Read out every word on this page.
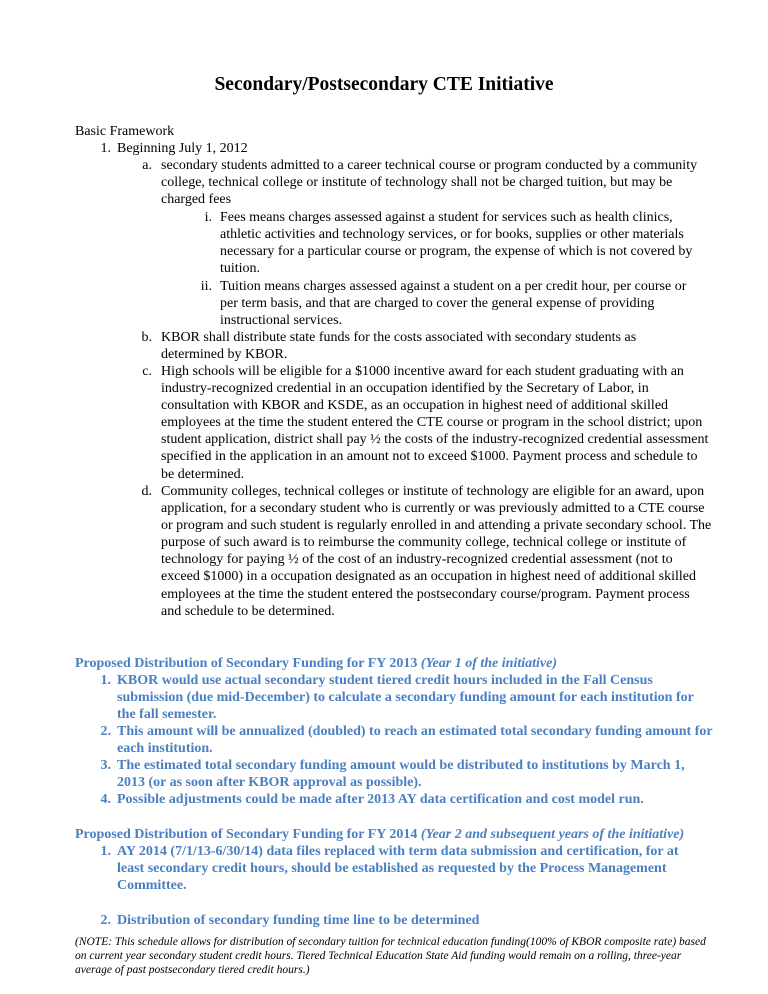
Secondary/Postsecondary CTE Initiative
Basic Framework
1. Beginning July 1, 2012
a. secondary students admitted to a career technical course or program conducted by a community college, technical college or institute of technology shall not be charged tuition, but may be charged fees
i. Fees means charges assessed against a student for services such as health clinics, athletic activities and technology services, or for books, supplies or other materials necessary for a particular course or program, the expense of which is not covered by tuition.
ii. Tuition means charges assessed against a student on a per credit hour, per course or per term basis, and that are charged to cover the general expense of providing instructional services.
b. KBOR shall distribute state funds for the costs associated with secondary students as determined by KBOR.
c. High schools will be eligible for a $1000 incentive award for each student graduating with an industry-recognized credential in an occupation identified by the Secretary of Labor, in consultation with KBOR and KSDE, as an occupation in highest need of additional skilled employees at the time the student entered the CTE course or program in the school district; upon student application, district shall pay ½ the costs of the industry-recognized credential assessment specified in the application in an amount not to exceed $1000. Payment process and schedule to be determined.
d. Community colleges, technical colleges or institute of technology are eligible for an award, upon application, for a secondary student who is currently or was previously admitted to a CTE course or program and such student is regularly enrolled in and attending a private secondary school. The purpose of such award is to reimburse the community college, technical college or institute of technology for paying ½ of the cost of an industry-recognized credential assessment (not to exceed $1000) in a occupation designated as an occupation in highest need of additional skilled employees at the time the student entered the postsecondary course/program. Payment process and schedule to be determined.
Proposed Distribution of Secondary Funding for FY 2013 (Year 1 of the initiative)
1. KBOR would use actual secondary student tiered credit hours included in the Fall Census submission (due mid-December) to calculate a secondary funding amount for each institution for the fall semester.
2. This amount will be annualized (doubled) to reach an estimated total secondary funding amount for each institution.
3. The estimated total secondary funding amount would be distributed to institutions by March 1, 2013 (or as soon after KBOR approval as possible).
4. Possible adjustments could be made after 2013 AY data certification and cost model run.
Proposed Distribution of Secondary Funding for FY 2014 (Year 2 and subsequent years of the initiative)
1. AY 2014 (7/1/13-6/30/14) data files replaced with term data submission and certification, for at least secondary credit hours, should be established as requested by the Process Management Committee.
2. Distribution of secondary funding time line to be determined
(NOTE: This schedule allows for distribution of secondary tuition for technical education funding(100% of KBOR composite rate) based on current year secondary student credit hours. Tiered Technical Education State Aid funding would remain on a rolling, three-year average of past postsecondary tiered credit hours.)
